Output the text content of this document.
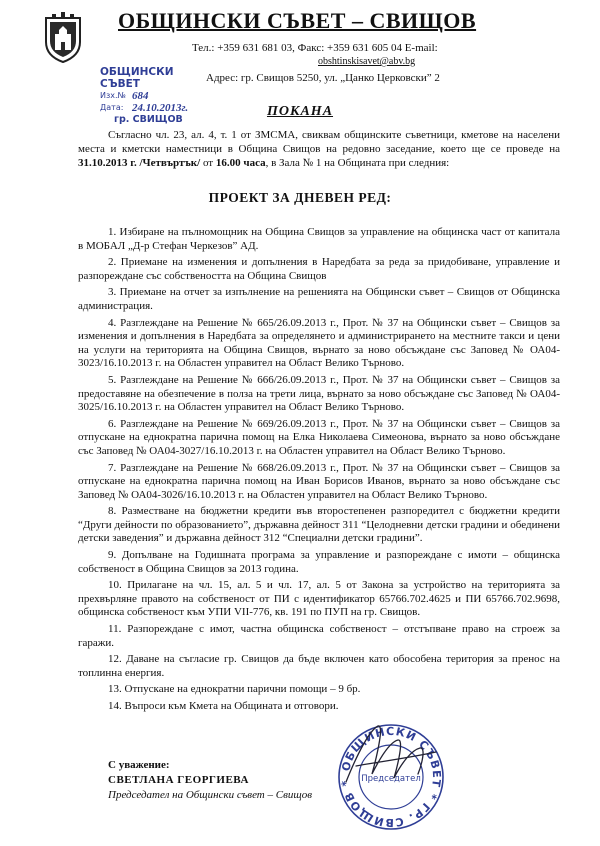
ОБЩИНСКИ СЪВЕТ – СВИЩОВ
Тел.: +359 631 681 03, Факс: +359 631 605 04 E-mail:
obshtinskisavet@abv.bg
Адрес: гр. Свищов 5250, ул. „Цанко Церковски” 2
ОБЩИНСКИ СЪВЕТ
Изх.№ 684
Дата: 24.10.2013г.
гр. СВИЩОВ
ПОКАНА
Съгласно чл. 23, ал. 4, т. 1 от ЗМСМА, свиквам общинските съветници, кметове на населени места и кметски наместници в Община Свищов на редовно заседание, което ще се проведе на 31.10.2013 г. /Четвъртък/ от 16.00 часа, в Зала № 1 на Общината при следния:
ПРОЕКТ ЗА ДНЕВЕН РЕД:

1. Избиране на пълномощник на Община Свищов за управление на общинска част от капитала в МОБАЛ „Д-р Стефан Черкезов” АД.

2. Приемане на изменения и допълнения в Наредбата за реда за придобиване, управление и разпореждане със собствеността на Община Свищов

3. Приемане на отчет за изпълнение на решенията на Общински съвет – Свищов от Общинска администрация.

4. Разглеждане на Решение № 665/26.09.2013 г., Прот. № 37 на Общински съвет – Свищов за изменения и допълнения в Наредбата за определянето и администрирането на местните такси и цени на услуги на територията на Община Свищов, върнато за ново обсъждане със Заповед № ОА04-3023/16.10.2013 г. на Областен управител на Област Велико Търново.

5. Разглеждане на Решение № 666/26.09.2013 г., Прот. № 37 на Общински съвет – Свищов за предоставяне на обезпечение в полза на трети лица, върнато за ново обсъждане със Заповед № ОА04-3025/16.10.2013 г. на Областен управител на Област Велико Търново.

6. Разглеждане на Решение № 669/26.09.2013 г., Прот. № 37 на Общински съвет – Свищов за отпускане на еднократна парична помощ на Елка Николаева Симеонова, върнато за ново обсъждане със Заповед № ОА04-3027/16.10.2013 г. на Областен управител на Област Велико Търново.

7. Разглеждане на Решение № 668/26.09.2013 г., Прот. № 37 на Общински съвет – Свищов за отпускане на еднократна парична помощ на Иван Борисов Иванов, върнато за ново обсъждане със Заповед № ОА04-3026/16.10.2013 г. на Областен управител на Област Велико Търново.

8. Разместване на бюджетни кредити във второстепенен разпоредител с бюджетни кредити “Други дейности по образованието”, държавна дейност 311 “Целодневни детски градини и обединени детски заведения” и държавна дейност 312 “Специални детски градини”.

9. Допълване на Годишната програма за управление и разпореждане с имоти – общинска собственост в Община Свищов за 2013 година.

10. Прилагане на чл. 15, ал. 5 и чл. 17, ал. 5 от Закона за устройство на територията за прехвърляне правото на собственост от ПИ с идентификатор 65766.702.4625 и ПИ 65766.702.9698, общинска собственост към УПИ VII-776, кв. 191 по ПУП на гр. Свищов.

11. Разпореждане с имот, частна общинска собственост – отстъпване право на строеж за гаражи.

12. Даване на съгласие гр. Свищов да бъде включен като обособена територия за пренос на топлинна енергия.

13. Отпускане на еднократни парични помощи – 9 бр.

14. Въпроси към Кмета на Общината и отговори.

С уважение:
СВЕТЛАНА ГЕОРГИЕВА
Председател на Общински съвет – Свищов
ОБЩИНСКИ СЪВЕТ * ГР. СВИЩОВ * Председател
